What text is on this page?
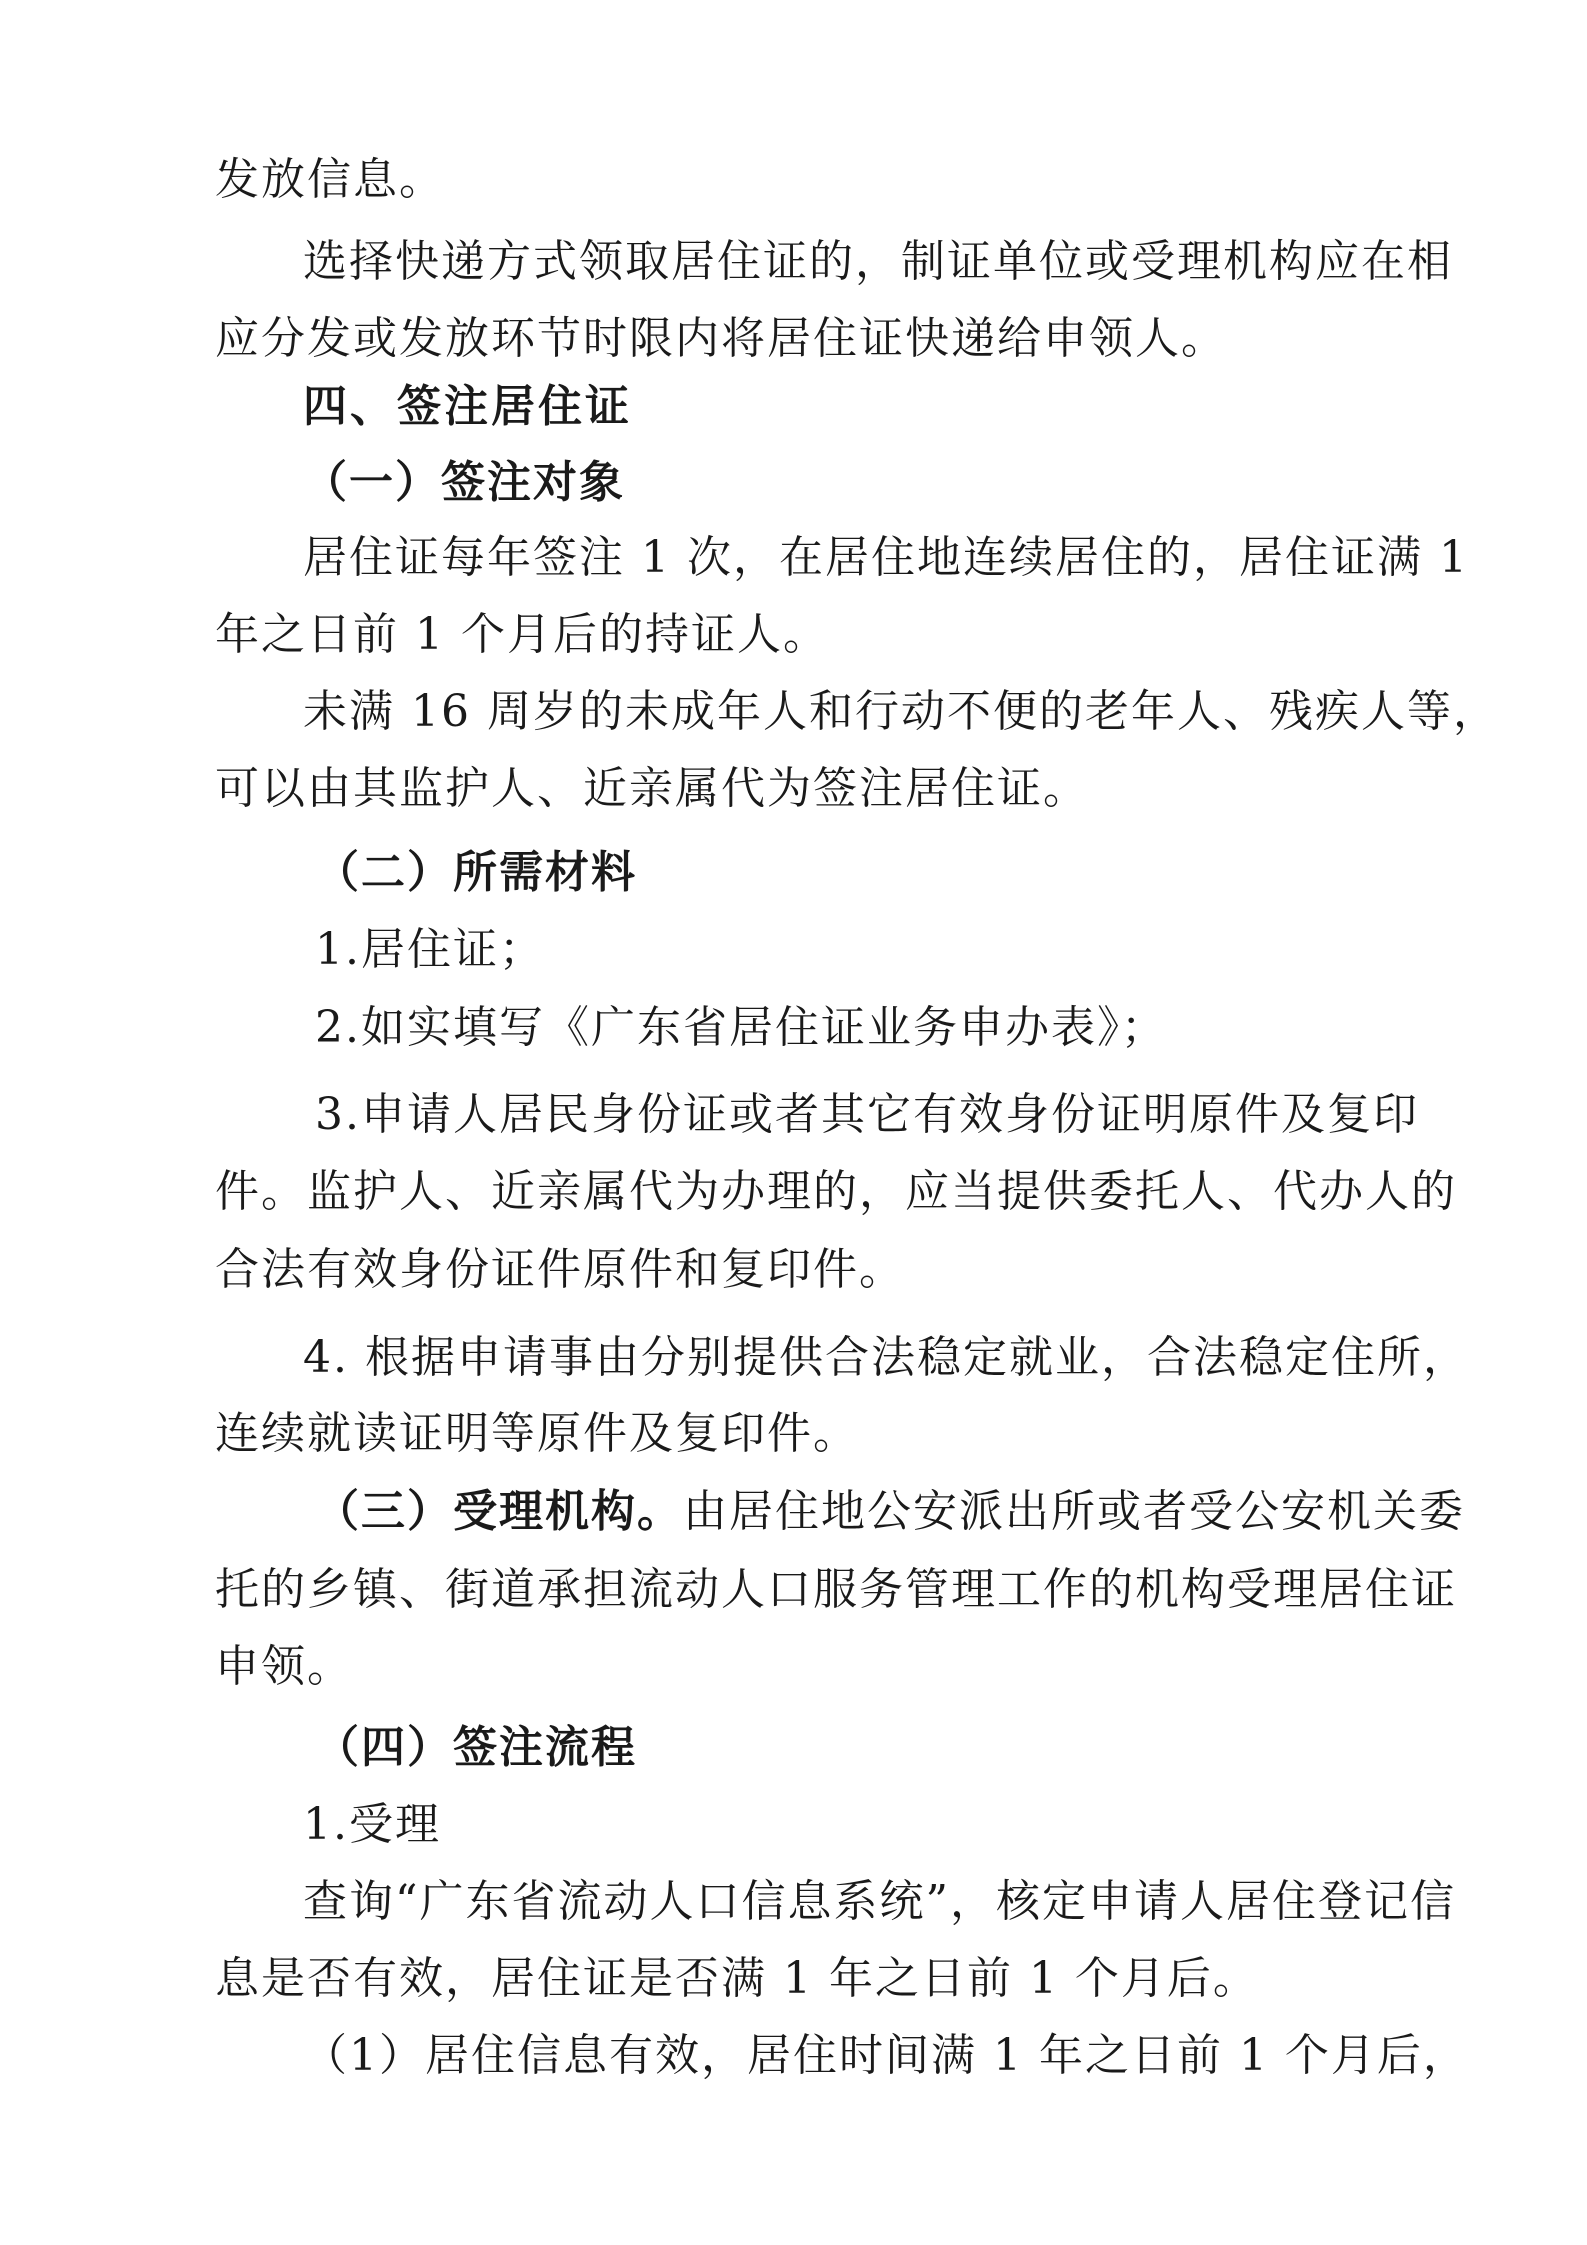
发放信息。
选择快递方式领取居住证的，制证单位或受理机构应在相
应分发或发放环节时限内将居住证快递给申领人。
四、签注居住证
（一）签注对象
居住证每年签注 1 次，在居住地连续居住的，居住证满 1
年之日前 1 个月后的持证人。
未满 16 周岁的未成年人和行动不便的老年人、残疾人等，
可以由其监护人、近亲属代为签注居住证。
（二）所需材料
1.居住证；
2.如实填写《广东省居住证业务申办表》；
3.申请人居民身份证或者其它有效身份证明原件及复印
件。监护人、近亲属代为办理的，应当提供委托人、代办人的
合法有效身份证件原件和复印件。
4. 根据申请事由分别提供合法稳定就业，合法稳定住所，
连续就读证明等原件及复印件。
（三）受理机构。由居住地公安派出所或者受公安机关委
托的乡镇、街道承担流动人口服务管理工作的机构受理居住证
申领。
（四）签注流程
1.受理
查询“广东省流动人口信息系统”，核定申请人居住登记信
息是否有效，居住证是否满 1 年之日前 1 个月后。
（1）居住信息有效，居住时间满 1 年之日前 1 个月后，
